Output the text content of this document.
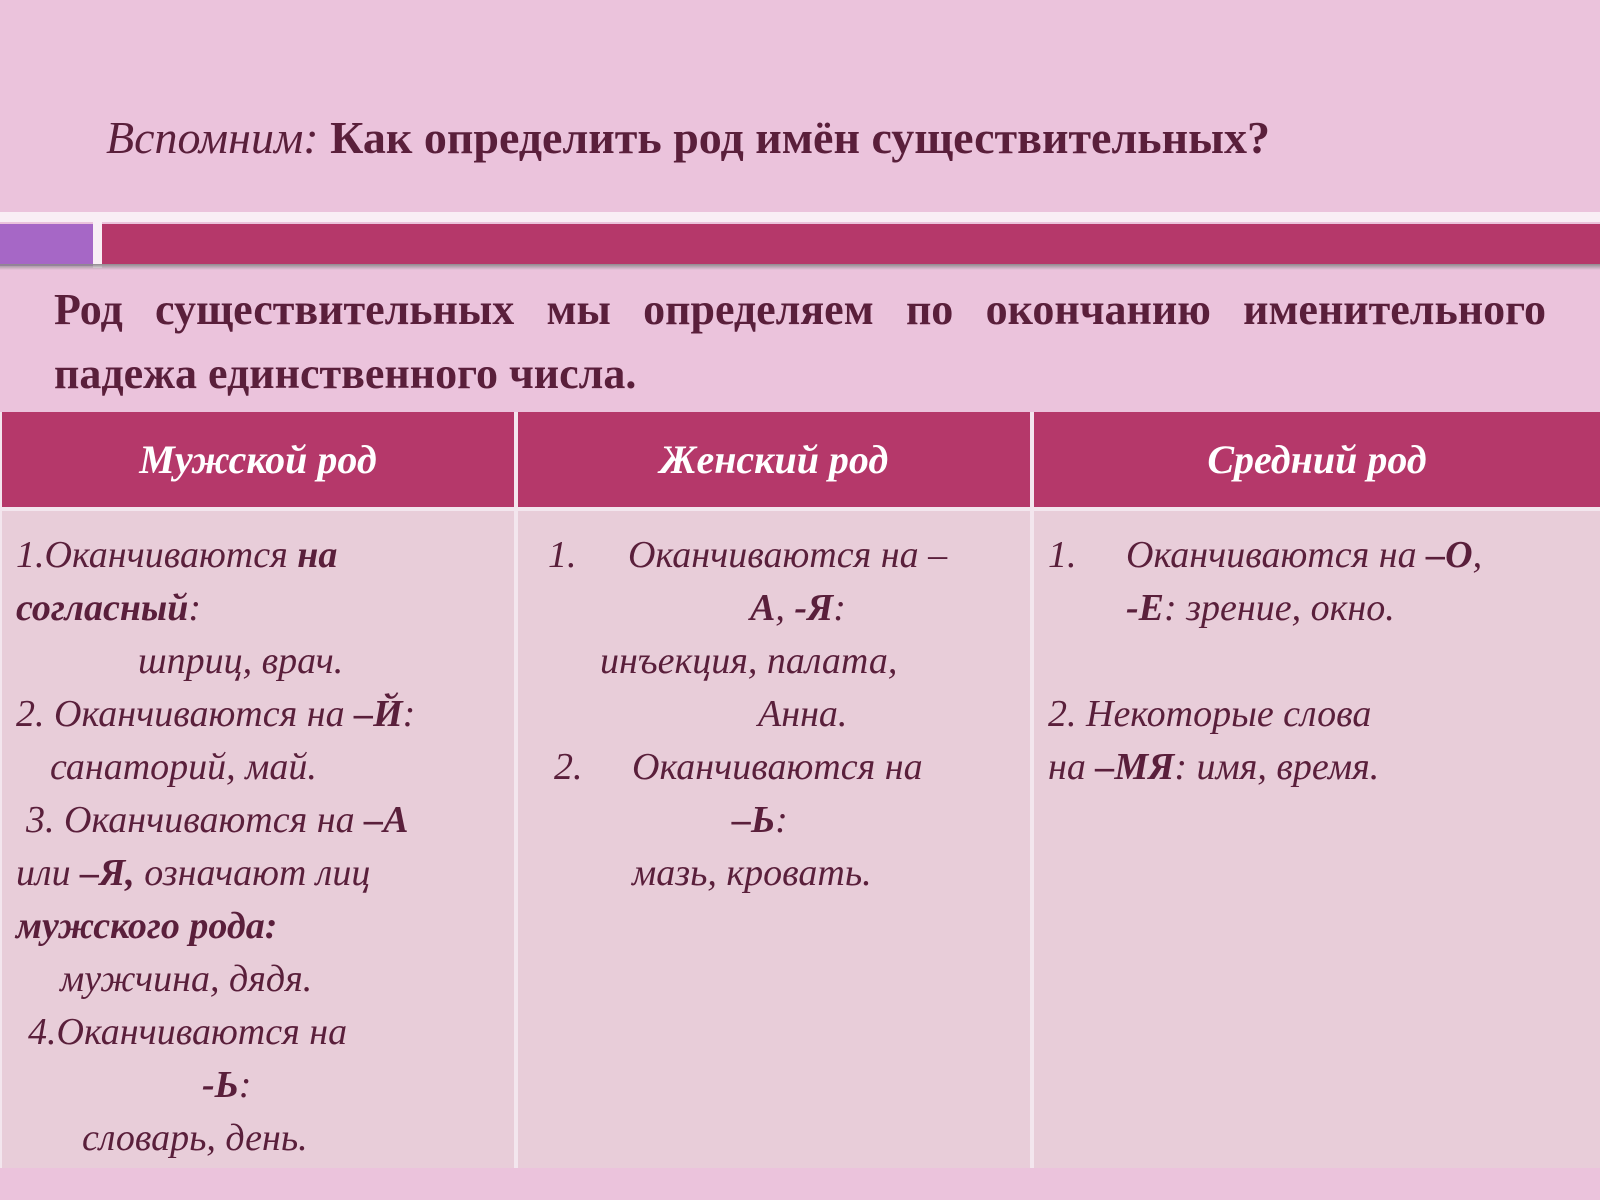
Вспомним: Как определить род имён существительных?
Род существительных мы определяем по окончанию именительного падежа единственного числа.
Мужской род	Женский род	Средний род
1.Оканчиваются на
согласный:
шприц, врач.
2. Оканчиваются на –Й:
санаторий, май.
3. Оканчиваются на –А
или –Я, означают лиц
мужского рода:
мужчина, дядя.
4.Оканчиваются на
-Ь:
словарь, день.
1. Оканчиваются на –
А, -Я:
инъекция, палата,
Анна.
2. Оканчиваются на
–Ь:
мазь, кровать.
1. Оканчиваются на –О,
-Е: зрение, окно.

2. Некоторые слова
на –МЯ: имя, время.
